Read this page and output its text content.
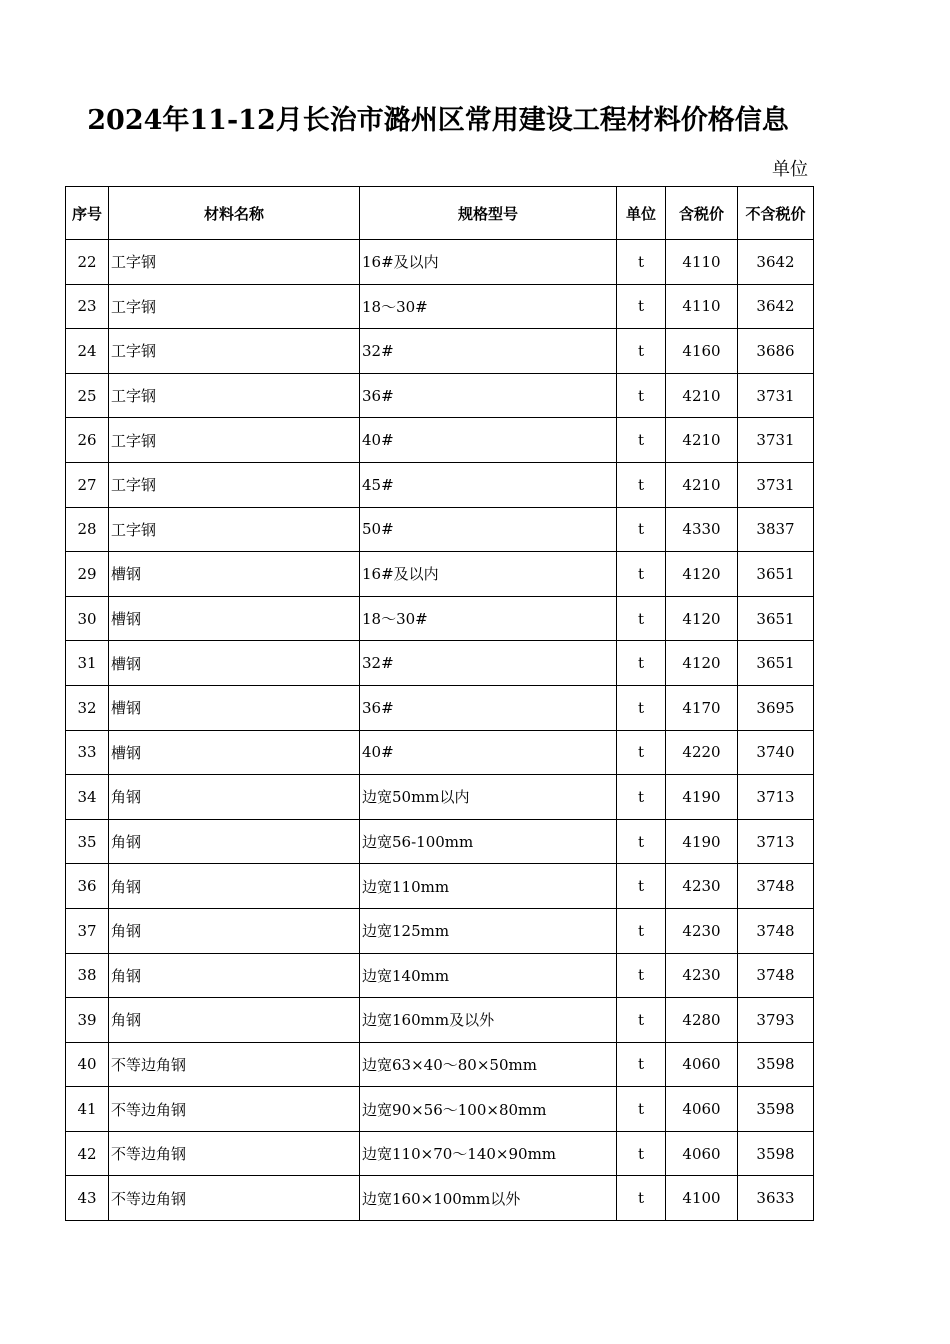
2024年11-12月长治市潞州区常用建设工程材料价格信息
单位
序号	材料名称	规格型号	单位	含税价	不含税价
22	工字钢	16#及以内	t	4110	3642
23	工字钢	18～30#	t	4110	3642
24	工字钢	32#	t	4160	3686
25	工字钢	36#	t	4210	3731
26	工字钢	40#	t	4210	3731
27	工字钢	45#	t	4210	3731
28	工字钢	50#	t	4330	3837
29	槽钢	16#及以内	t	4120	3651
30	槽钢	18～30#	t	4120	3651
31	槽钢	32#	t	4120	3651
32	槽钢	36#	t	4170	3695
33	槽钢	40#	t	4220	3740
34	角钢	边宽50mm以内	t	4190	3713
35	角钢	边宽56-100mm	t	4190	3713
36	角钢	边宽110mm	t	4230	3748
37	角钢	边宽125mm	t	4230	3748
38	角钢	边宽140mm	t	4230	3748
39	角钢	边宽160mm及以外	t	4280	3793
40	不等边角钢	边宽63×40～80×50mm	t	4060	3598
41	不等边角钢	边宽90×56～100×80mm	t	4060	3598
42	不等边角钢	边宽110×70～140×90mm	t	4060	3598
43	不等边角钢	边宽160×100mm以外	t	4100	3633
